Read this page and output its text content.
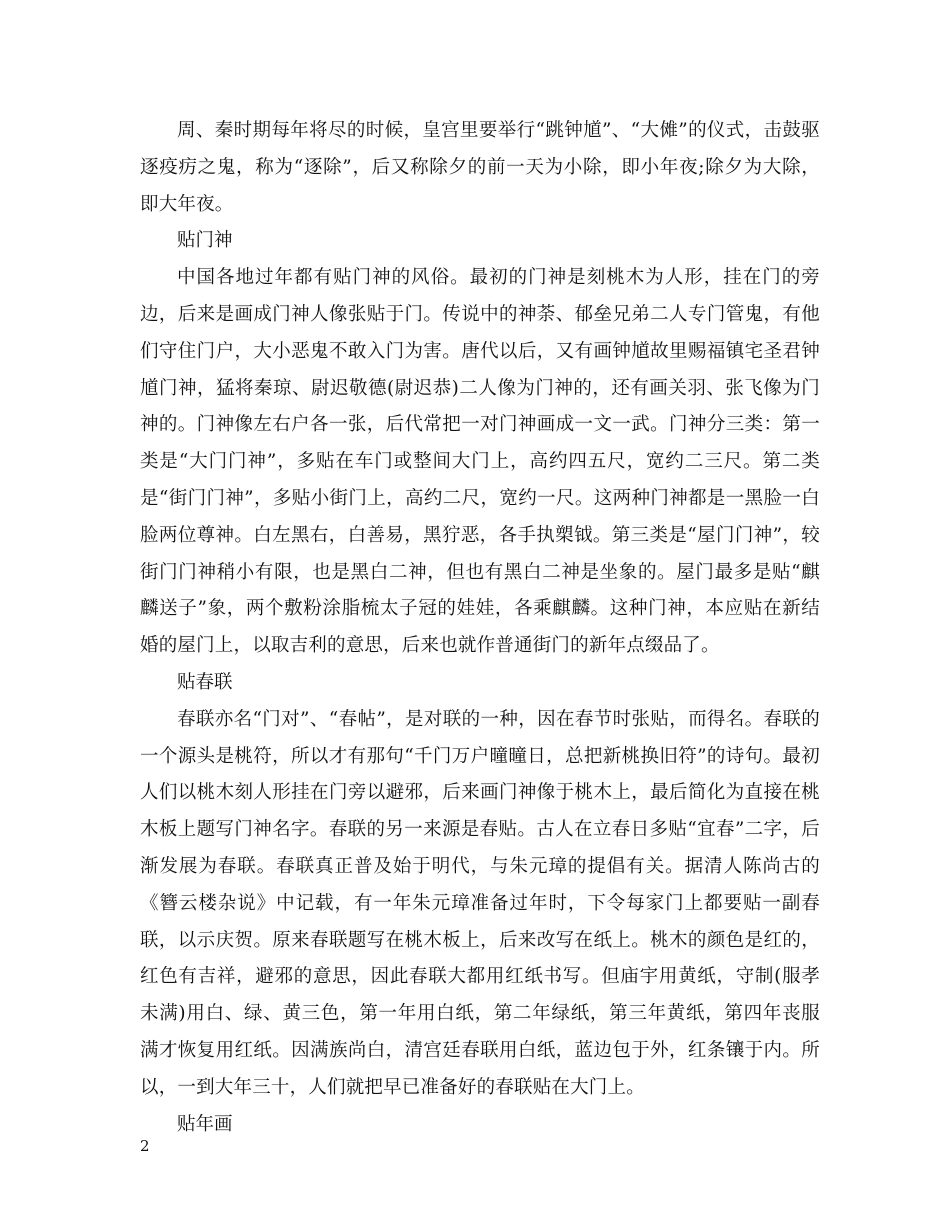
周、秦时期每年将尽的时候，皇宫里要举行“跳钟馗”、“大傩”的仪式，击鼓驱逐疫疠之鬼，称为“逐除”，后又称除夕的前一天为小除，即小年夜;除夕为大除，即大年夜。

贴门神

中国各地过年都有贴门神的风俗。最初的门神是刻桃木为人形，挂在门的旁边，后来是画成门神人像张贴于门。传说中的神荼、郁垒兄弟二人专门管鬼，有他们守住门户，大小恶鬼不敢入门为害。唐代以后，又有画钟馗故里赐福镇宅圣君钟馗门神，猛将秦琼、尉迟敬德(尉迟恭)二人像为门神的，还有画关羽、张飞像为门神的。门神像左右户各一张，后代常把一对门神画成一文一武。门神分三类：第一类是“大门门神”，多贴在车门或整间大门上，高约四五尺，宽约二三尺。第二类是“街门门神”，多贴小街门上，高约二尺，宽约一尺。这两种门神都是一黑脸一白脸两位尊神。白左黑右，白善易，黑狞恶，各手执槊钺。第三类是“屋门门神”，较街门门神稍小有限，也是黑白二神，但也有黑白二神是坐象的。屋门最多是贴“麒麟送子”象，两个敷粉涂脂梳太子冠的娃娃，各乘麒麟。这种门神，本应贴在新结婚的屋门上，以取吉利的意思，后来也就作普通街门的新年点缀品了。

贴春联

春联亦名“门对”、“春帖”，是对联的一种，因在春节时张贴，而得名。春联的一个源头是桃符，所以才有那句“千门万户曈曈日，总把新桃换旧符”的诗句。最初人们以桃木刻人形挂在门旁以避邪，后来画门神像于桃木上，最后简化为直接在桃木板上题写门神名字。春联的另一来源是春贴。古人在立春日多贴“宜春”二字，后渐发展为春联。春联真正普及始于明代，与朱元璋的提倡有关。据清人陈尚古的《簪云楼杂说》中记载，有一年朱元璋准备过年时，下令每家门上都要贴一副春联，以示庆贺。原来春联题写在桃木板上，后来改写在纸上。桃木的颜色是红的，红色有吉祥，避邪的意思，因此春联大都用红纸书写。但庙宇用黄纸，守制(服孝未满)用白、绿、黄三色，第一年用白纸，第二年绿纸，第三年黄纸，第四年丧服满才恢复用红纸。因满族尚白，清宫廷春联用白纸，蓝边包于外，红条镶于内。所以，一到大年三十，人们就把早已准备好的春联贴在大门上。

贴年画

2
